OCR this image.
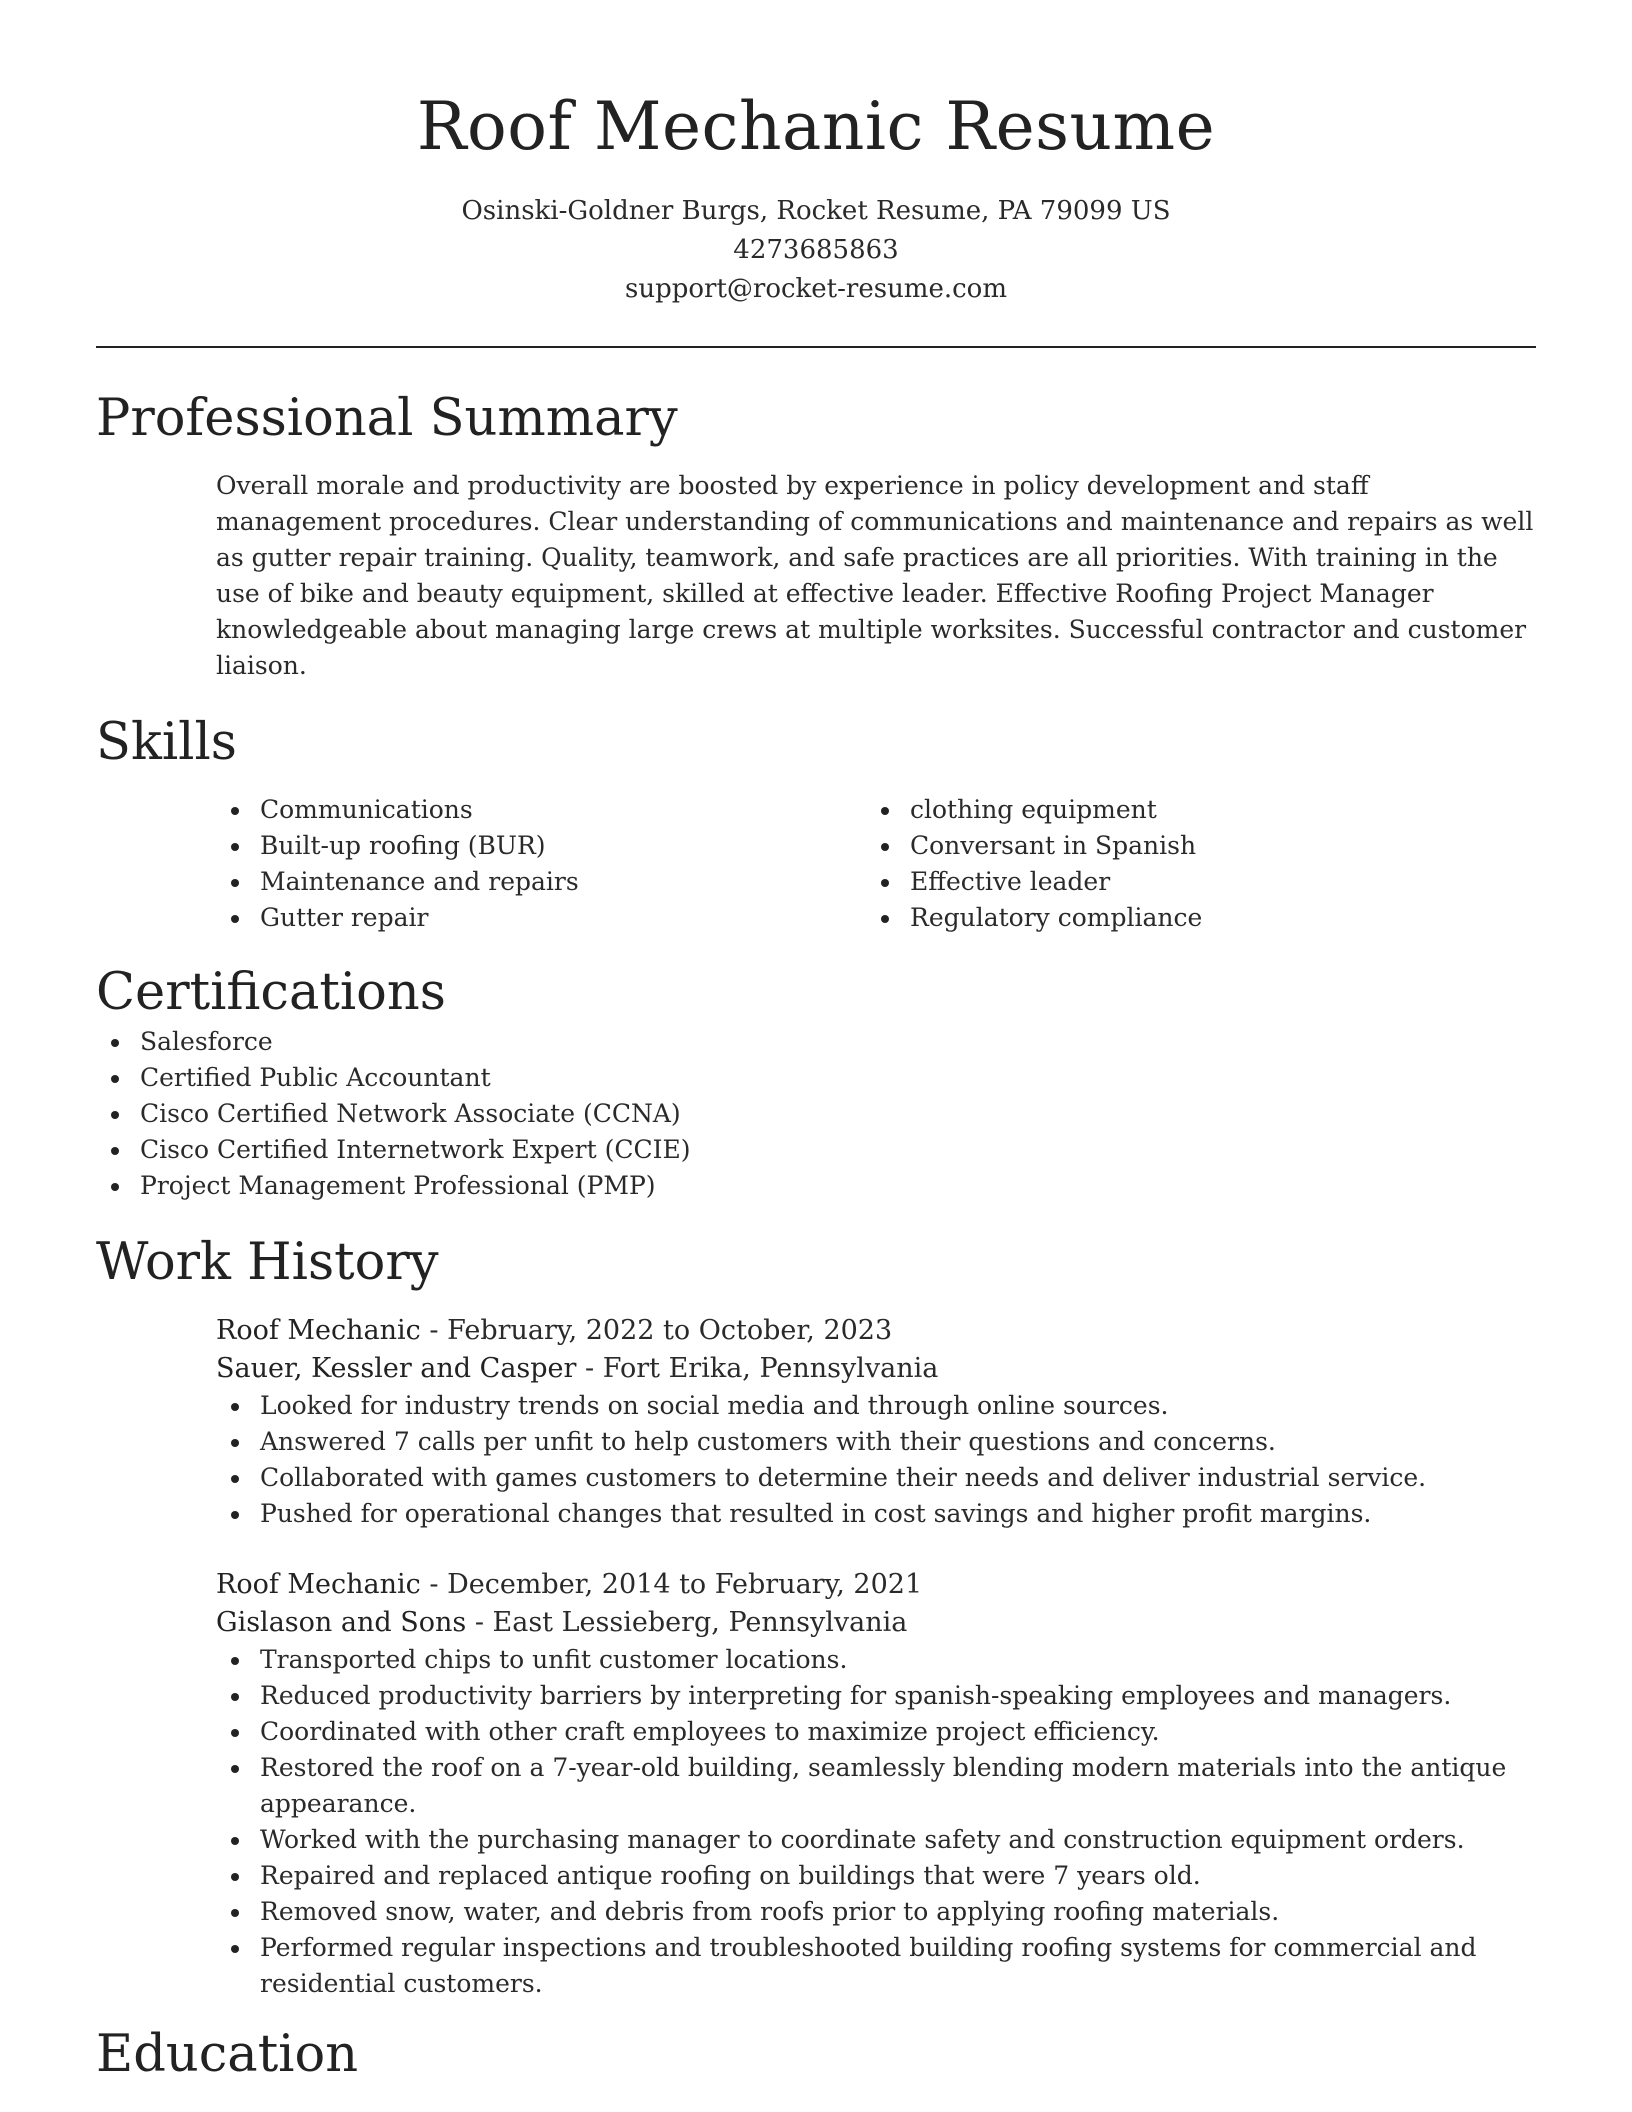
Roof Mechanic Resume
Osinski-Goldner Burgs, Rocket Resume, PA 79099 US
4273685863
support@rocket-resume.com
Professional Summary

Overall morale and productivity are boosted by experience in policy development and staff management procedures. Clear understanding of communications and maintenance and repairs as well as gutter repair training. Quality, teamwork, and safe practices are all priorities. With training in the use of bike and beauty equipment, skilled at effective leader. Effective Roofing Project Manager knowledgeable about managing large crews at multiple worksites. Successful contractor and customer liaison.

Skills
Communications
Built-up roofing (BUR)
Maintenance and repairs
Gutter repair
clothing equipment
Conversant in Spanish
Effective leader
Regulatory compliance
Certifications
Salesforce
Certified Public Accountant
Cisco Certified Network Associate (CCNA)
Cisco Certified Internetwork Expert (CCIE)
Project Management Professional (PMP)
Work History
Roof Mechanic - February, 2022 to October, 2023
Sauer, Kessler and Casper - Fort Erika, Pennsylvania
Looked for industry trends on social media and through online sources.
Answered 7 calls per unfit to help customers with their questions and concerns.
Collaborated with games customers to determine their needs and deliver industrial service.
Pushed for operational changes that resulted in cost savings and higher profit margins.
Roof Mechanic - December, 2014 to February, 2021
Gislason and Sons - East Lessieberg, Pennsylvania
Transported chips to unfit customer locations.
Reduced productivity barriers by interpreting for spanish-speaking employees and managers.
Coordinated with other craft employees to maximize project efficiency.
Restored the roof on a 7-year-old building, seamlessly blending modern materials into the antique appearance.
Worked with the purchasing manager to coordinate safety and construction equipment orders.
Repaired and replaced antique roofing on buildings that were 7 years old.
Removed snow, water, and debris from roofs prior to applying roofing materials.
Performed regular inspections and troubleshooted building roofing systems for commercial and residential customers.
Education
